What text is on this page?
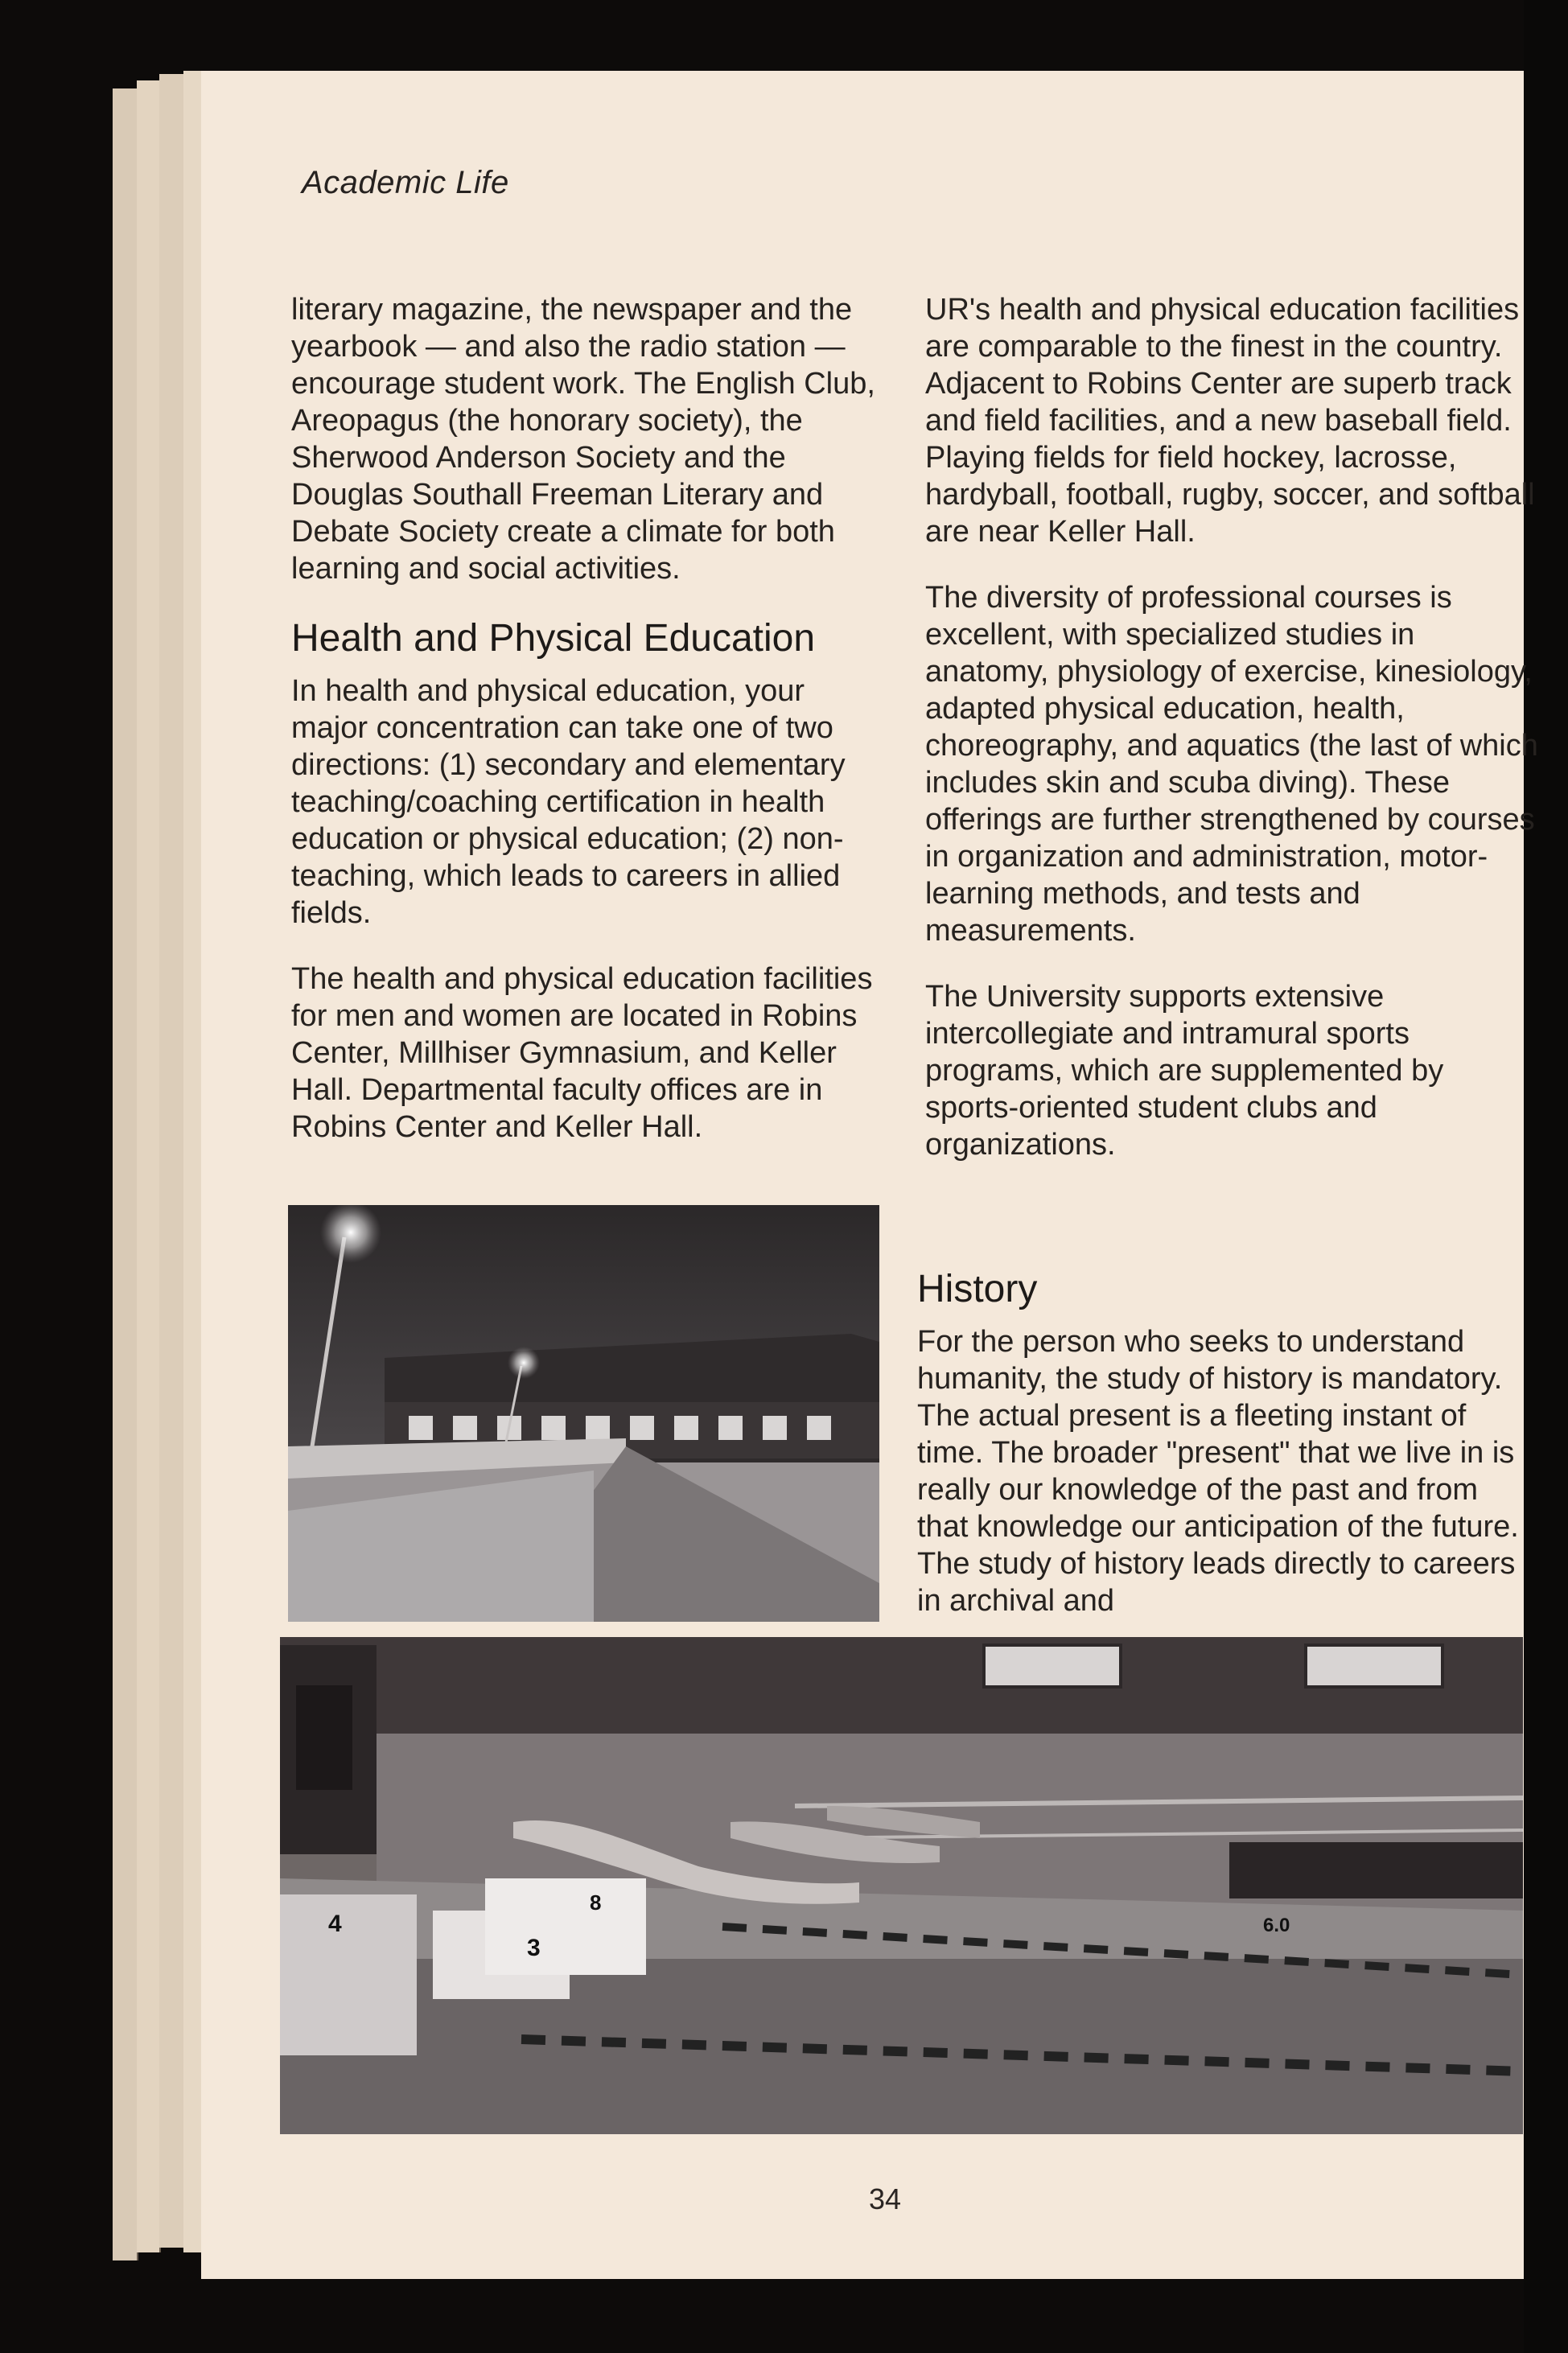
Academic Life

literary magazine, the newspaper and the yearbook — and also the radio station — encourage student work. The English Club, Areopagus (the honorary society), the Sherwood Anderson Society and the Douglas Southall Freeman Literary and Debate Society create a climate for both learning and social activities.

Health and Physical Education

In health and physical education, your major concentration can take one of two directions: (1) secondary and elementary teaching/coaching certification in health education or physical education; (2) non-teaching, which leads to careers in allied fields.

The health and physical education facilities for men and women are located in Robins Center, Millhiser Gymnasium, and Keller Hall. Departmental faculty offices are in Robins Center and Keller Hall.

UR's health and physical education facilities are comparable to the finest in the country. Adjacent to Robins Center are superb track and field facilities, and a new baseball field. Playing fields for field hockey, lacrosse, hardyball, football, rugby, soccer, and softball are near Keller Hall.

The diversity of professional courses is excellent, with specialized studies in anatomy, physiology of exercise, kinesiology, adapted physical education, health, choreography, and aquatics (the last of which includes skin and scuba diving). These offerings are further strengthened by courses in organization and administration, motor-learning methods, and tests and measurements.

The University supports extensive intercollegiate and intramural sports programs, which are supplemented by sports-oriented student clubs and organizations.

History

For the person who seeks to understand humanity, the study of history is mandatory. The actual present is a fleeting instant of time. The broader "present" that we live in is really our knowledge of the past and from that knowledge our anticipation of the future. The study of history leads directly to careers in archival and

4
3
8
6.0
34
